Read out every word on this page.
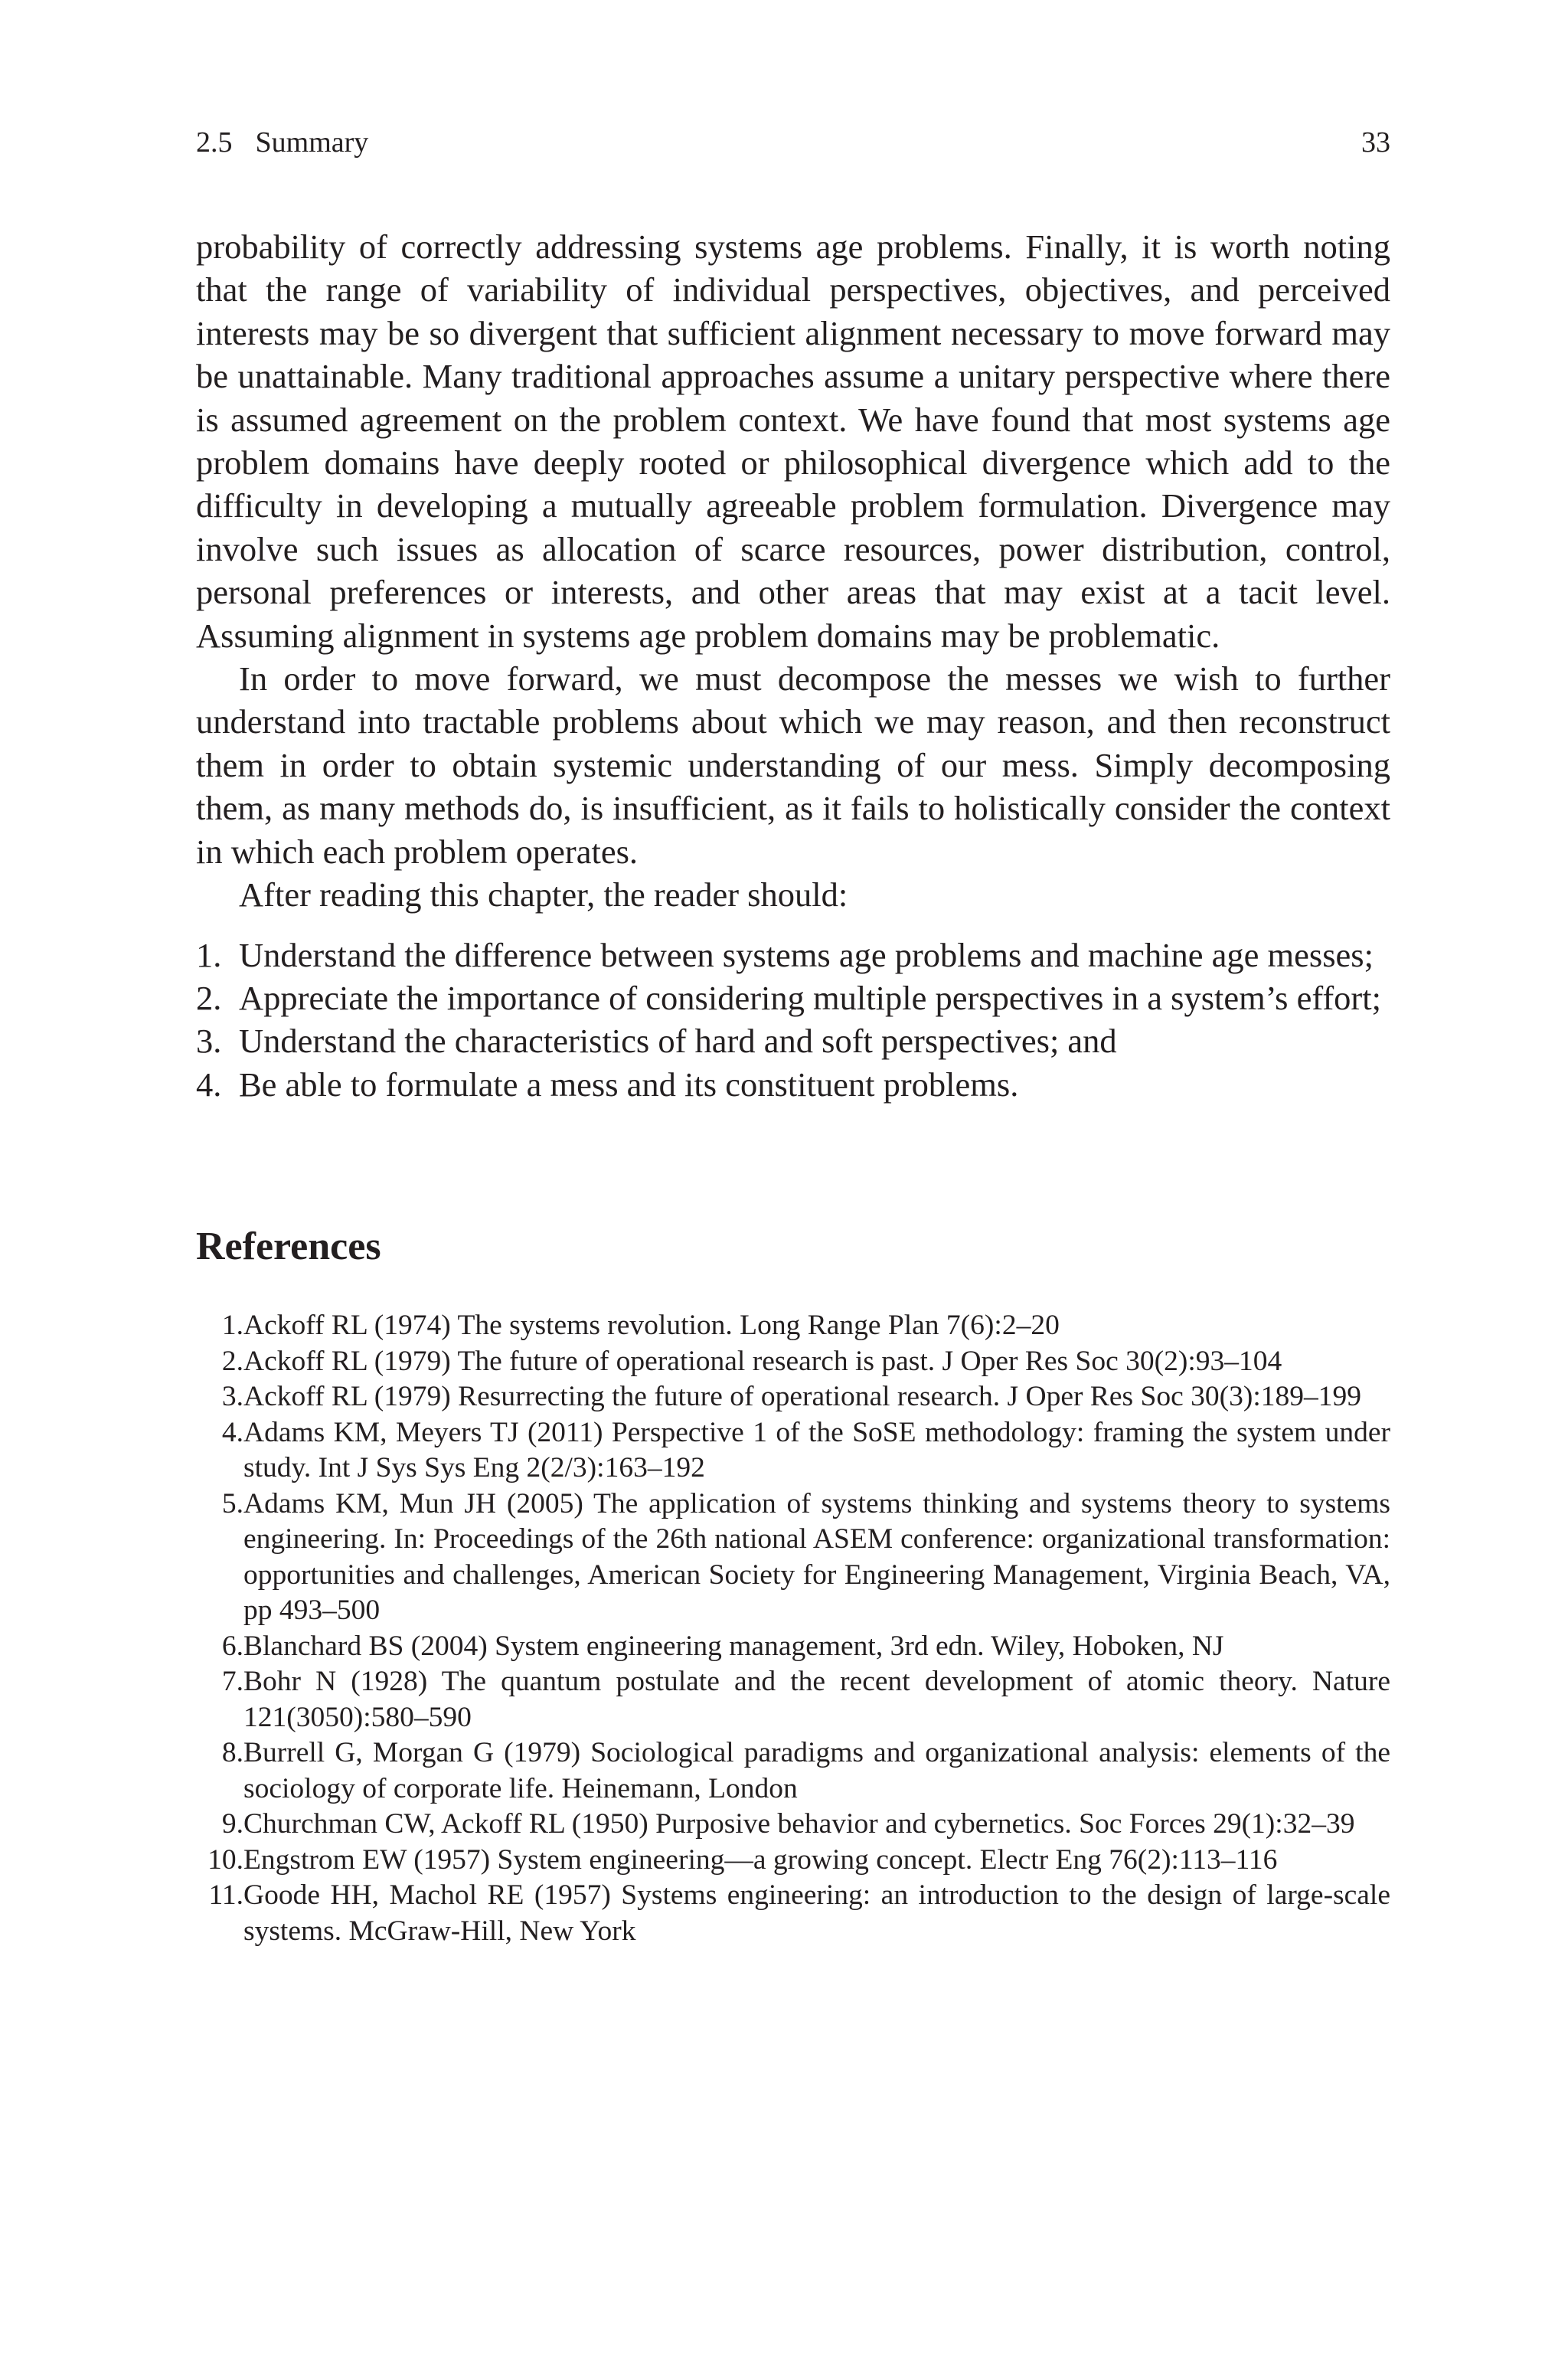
2.5 Summary	33

probability of correctly addressing systems age problems. Finally, it is worth noting that the range of variability of individual perspectives, objectives, and perceived interests may be so divergent that sufficient alignment necessary to move forward may be unattainable. Many traditional approaches assume a unitary perspective where there is assumed agreement on the problem context. We have found that most systems age problem domains have deeply rooted or philosophical divergence which add to the difficulty in developing a mutually agreeable problem formulation. Divergence may involve such issues as allocation of scarce resources, power distribution, control, personal preferences or interests, and other areas that may exist at a tacit level. Assuming alignment in systems age problem domains may be problematic.

In order to move forward, we must decompose the messes we wish to further understand into tractable problems about which we may reason, and then reconstruct them in order to obtain systemic understanding of our mess. Simply decomposing them, as many methods do, is insufficient, as it fails to holistically consider the context in which each problem operates.

After reading this chapter, the reader should:

1. Understand the difference between systems age problems and machine age messes;
2. Appreciate the importance of considering multiple perspectives in a system’s effort;
3. Understand the characteristics of hard and soft perspectives; and
4. Be able to formulate a mess and its constituent problems.
References
1. Ackoff RL (1974) The systems revolution. Long Range Plan 7(6):2–20
2. Ackoff RL (1979) The future of operational research is past. J Oper Res Soc 30(2):93–104
3. Ackoff RL (1979) Resurrecting the future of operational research. J Oper Res Soc 30(3):189–199
4. Adams KM, Meyers TJ (2011) Perspective 1 of the SoSE methodology: framing the system under study. Int J Sys Sys Eng 2(2/3):163–192
5. Adams KM, Mun JH (2005) The application of systems thinking and systems theory to systems engineering. In: Proceedings of the 26th national ASEM conference: organizational transformation: opportunities and challenges, American Society for Engineering Management, Virginia Beach, VA, pp 493–500
6. Blanchard BS (2004) System engineering management, 3rd edn. Wiley, Hoboken, NJ
7. Bohr N (1928) The quantum postulate and the recent development of atomic theory. Nature 121(3050):580–590
8. Burrell G, Morgan G (1979) Sociological paradigms and organizational analysis: elements of the sociology of corporate life. Heinemann, London
9. Churchman CW, Ackoff RL (1950) Purposive behavior and cybernetics. Soc Forces 29(1):32–39
10. Engstrom EW (1957) System engineering—a growing concept. Electr Eng 76(2):113–116
11. Goode HH, Machol RE (1957) Systems engineering: an introduction to the design of large-scale systems. McGraw-Hill, New York
